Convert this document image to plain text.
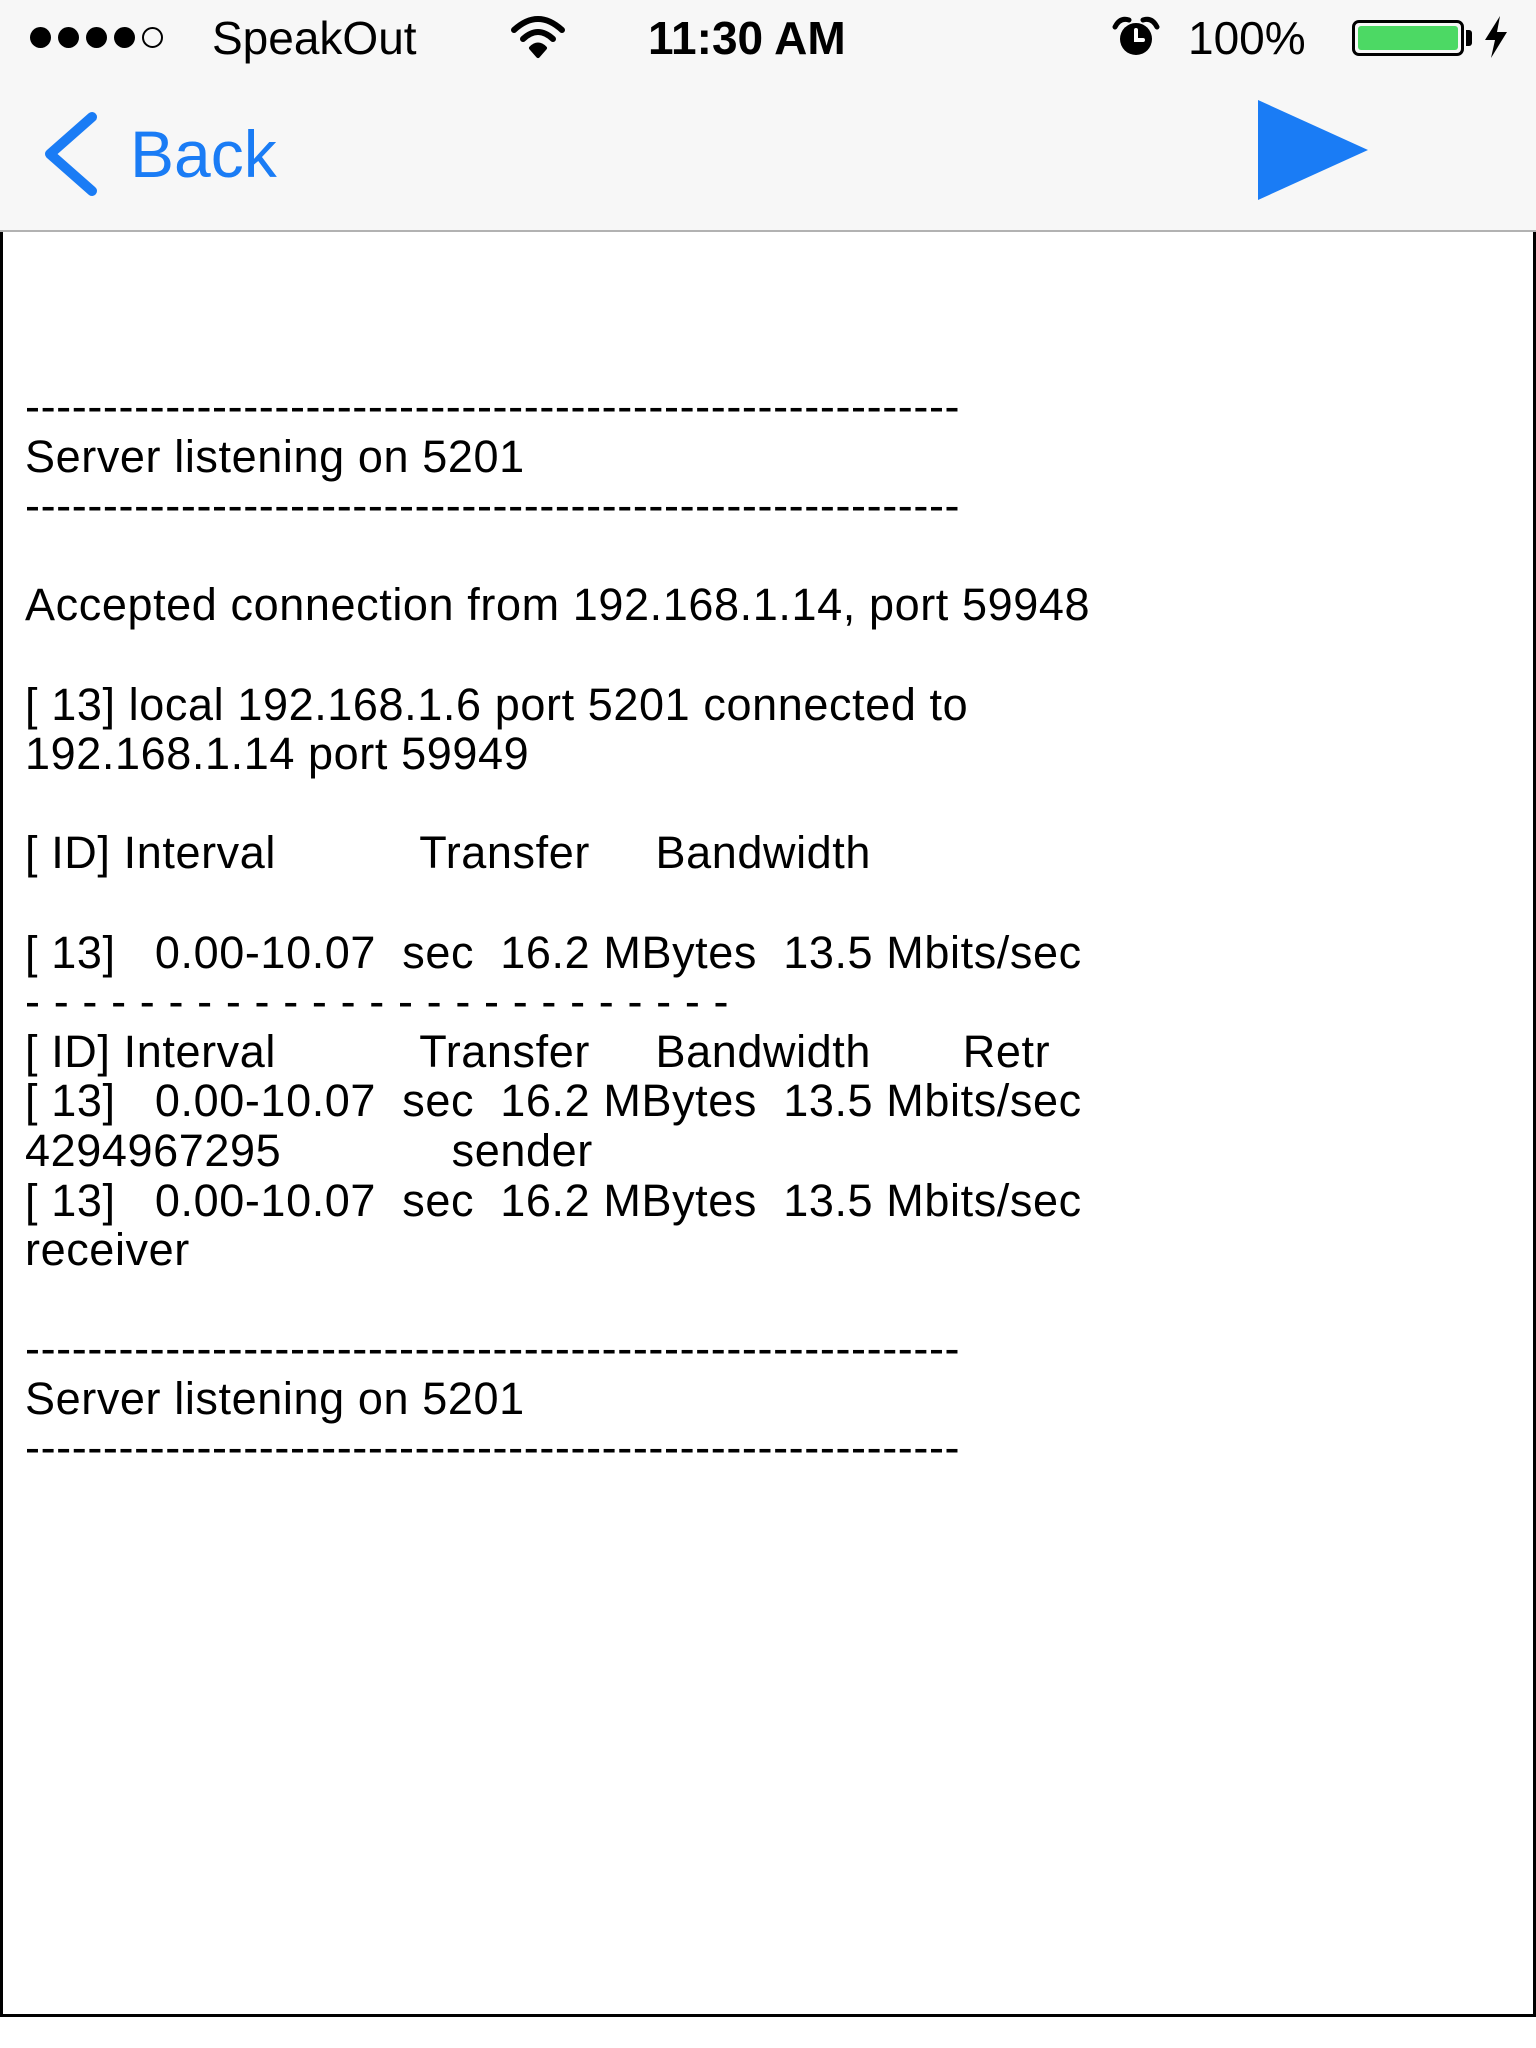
SpeakOut	11:30 AM	100%
Back
------------------------------------------------------------
Server listening on 5201
------------------------------------------------------------

Accepted connection from 192.168.1.14, port 59948

[ 13] local 192.168.1.6 port 5201 connected to
192.168.1.14 port 59949

[ ID] Interval           Transfer     Bandwidth

[ 13]   0.00-10.07  sec  16.2 MBytes  13.5 Mbits/sec
- - - - - - - - - - - - - - - - - - - - - - - - -
[ ID] Interval           Transfer     Bandwidth       Retr
[ 13]   0.00-10.07  sec  16.2 MBytes  13.5 Mbits/sec
4294967295             sender
[ 13]   0.00-10.07  sec  16.2 MBytes  13.5 Mbits/sec
receiver

------------------------------------------------------------
Server listening on 5201
------------------------------------------------------------
